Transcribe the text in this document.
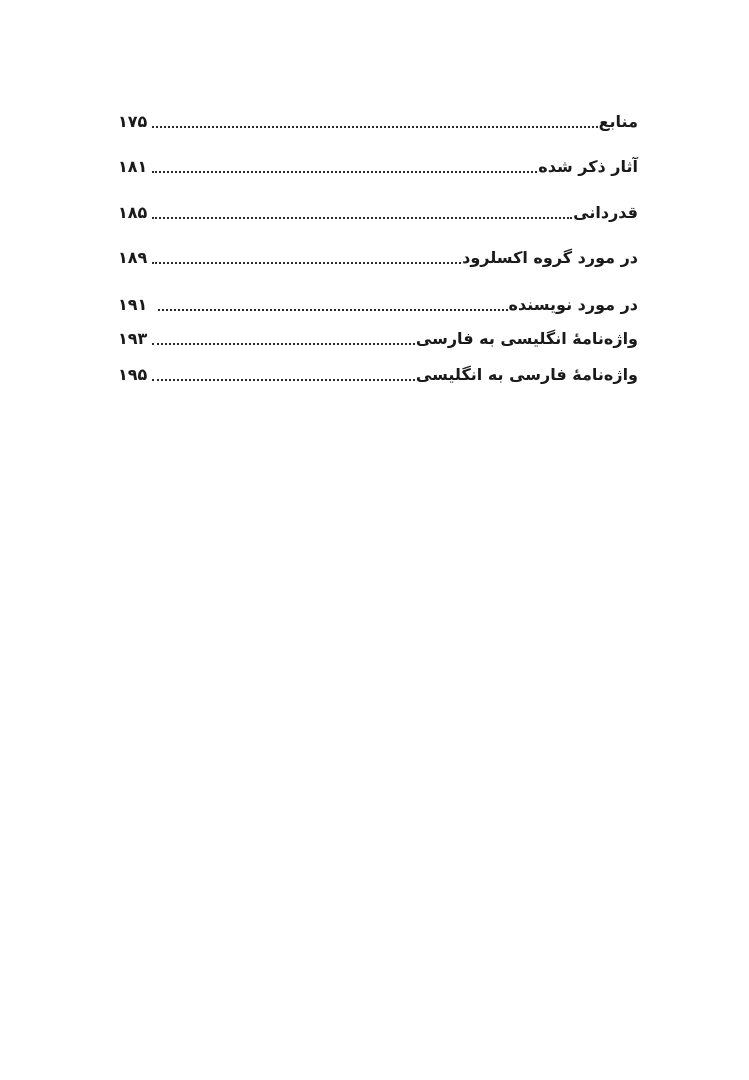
منابع
۱۷۵
آثار ذکر شده
۱۸۱
قدردانی
۱۸۵
در مورد گروه اکسلرود
۱۸۹
در مورد نویسنده
۱۹۱
واژه‌نامهٔ انگلیسی به فارسی
۱۹۳
واژه‌نامهٔ فارسی به انگلیسی
۱۹۵
